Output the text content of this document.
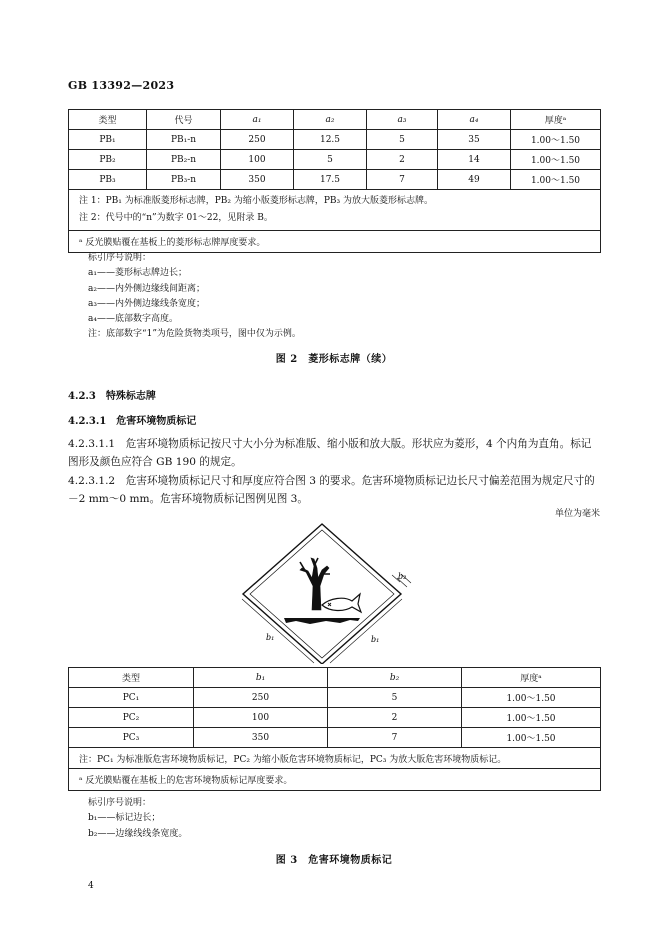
GB 13392—2023
类型	代号	a₁	a₂	a₃	a₄	厚度ᵃ
PB₁	PB₁-n	250	12.5	5	35	1.00～1.50
PB₂	PB₂-n	100	5	2	14	1.00～1.50
PB₃	PB₃-n	350	17.5	7	49	1.00～1.50

注 1：PB₁ 为标准版菱形标志牌，PB₂ 为缩小版菱形标志牌，PB₃ 为放大版菱形标志牌。
注 2：代号中的“n”为数字 01～22，见附录 B。						

ᵃ 反光膜贴覆在基板上的菱形标志牌厚度要求。						
标引序号说明：
a₁——菱形标志牌边长；
a₂——内外侧边缘线间距离；
a₃——内外侧边缘线条宽度；
a₄——底部数字高度。
注：底部数字“1”为危险货物类项号，图中仅为示例。
图 2　菱形标志牌（续）
4.2.3　特殊标志牌
4.2.3.1　危害环境物质标记
4.2.3.1.1　危害环境物质标记按尺寸大小分为标准版、缩小版和放大版。形状应为菱形，4 个内角为直角。标记图形及颜色应符合 GB 190 的规定。
4.2.3.1.2　危害环境物质标记尺寸和厚度应符合图 3 的要求。危害环境物质标记边长尺寸偏差范围为规定尺寸的－2 mm～0 mm。危害环境物质标记图例见图 3。
单位为毫米
b₂
b₁	b₁
类型	b₁	b₂	厚度ᵃ
PC₁	250	5	1.00～1.50
PC₂	100	2	1.00～1.50
PC₃	350	7	1.00～1.50
注：PC₁ 为标准版危害环境物质标记，PC₂ 为缩小版危害环境物质标记，PC₃ 为放大版危害环境物质标记。			
ᵃ 反光膜贴覆在基板上的危害环境物质标记厚度要求。			
标引序号说明：
b₁——标记边长；
b₂——边缘线线条宽度。
图 3　危害环境物质标记
4
